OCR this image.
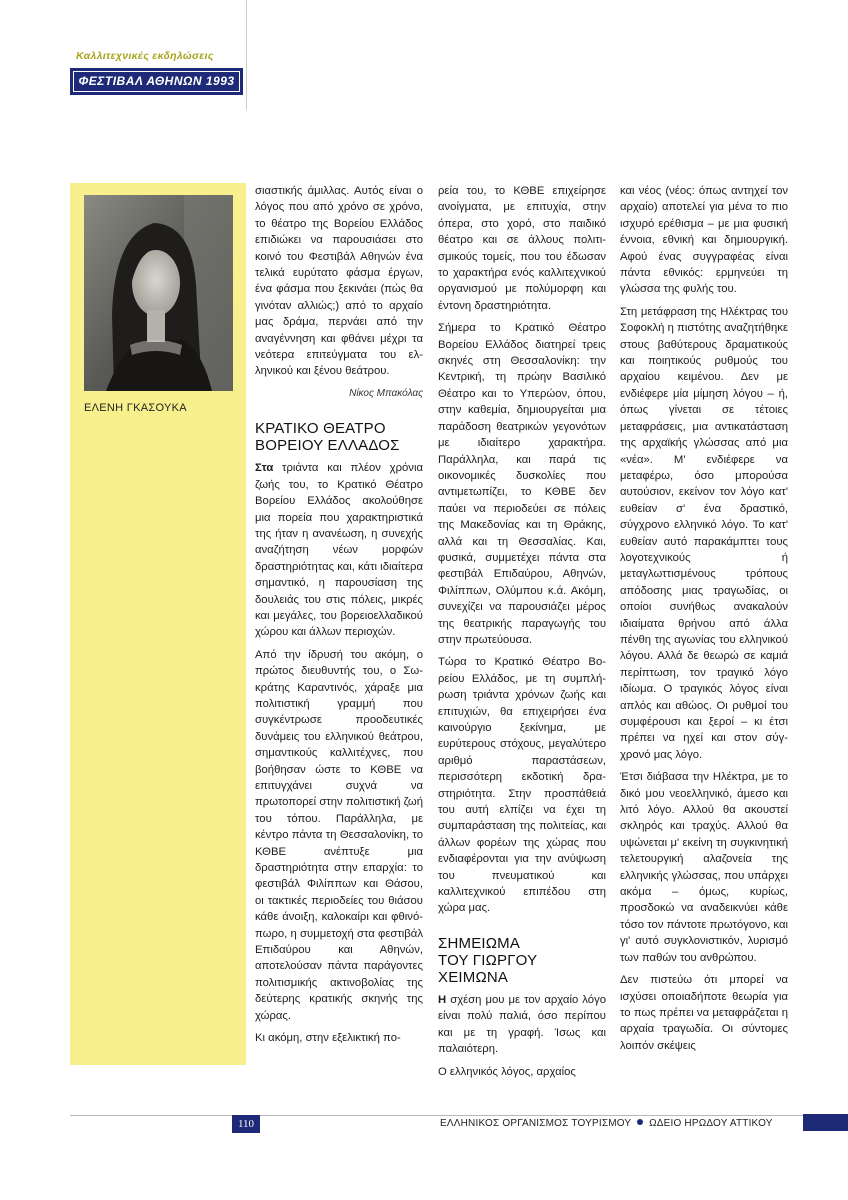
Καλλιτεχνικές εκδηλώσεις
ΦΕΣΤΙΒΑΛ ΑΘΗΝΩΝ 1993
ΕΛΕΝΗ ΓΚΑΣΟΥΚΑ

σιαστικής άμιλλας. Αυτός είναι ο λόγος που από χρόνο σε χρόνο, το θέατρο της Βορείου Ελλάδος επιδιώκει να παρουσιάσει στο κοινό του Φεστιβάλ Αθηνών ένα τελικά ευρύτατο φάσμα έργων, ένα φάσμα που ξεκινάει (πώς θα γινόταν αλλιώς;) από το αρχαίο μας δράμα, περνάει από την αναγέννηση και φθάνει μέχρι τα νεότερα επιτεύγματα του ελληνικού και ξένου θεάτρου.

Νίκος Μπακόλας

ΚΡΑΤΙΚΟ ΘΕΑΤΡΟ
ΒΟΡΕΙΟΥ ΕΛΛΑΔΟΣ

Στα τριάντα και πλέον χρόνια ζωής του, το Κρατικό Θέατρο Βορείου Ελλάδος ακολούθησε μια πορεία που χαρακτηριστικά της ήταν η ανανέωση, η συνεχής αναζήτηση νέων μορφών δραστηριότητας και, κάτι ιδιαίτερα σημαντικό, η παρουσίαση της δουλειάς του στις πόλεις, μικρές και μεγάλες, του βορειοελλαδικού χώρου και άλλων περιοχών.

Από την ίδρυσή του ακόμη, ο πρώτος διευθυντής του, ο Σωκράτης Καραντινός, χάραξε μια πολιτιστική γραμμή που συγκέντρωσε προοδευτικές δυνάμεις του ελληνικού θεάτρου, σημαντικούς καλλιτέχνες, που βοήθησαν ώστε το ΚΘΒΕ να επιτυγχάνει συχνά να πρωτοπορεί στην πολιτιστική ζωή του τόπου. Παράλληλα, με κέντρο πάντα τη Θεσσαλονίκη, το ΚΘΒΕ ανέπτυξε μια δραστηριότητα στην επαρχία: το φεστιβάλ Φιλίππων και Θάσου, οι τακτικές περιοδείες του θιάσου κάθε άνοιξη, καλοκαίρι και φθινόπωρο, η συμμετοχή στα φεστιβάλ Επιδαύρου και Αθηνών, αποτελούσαν πάντα παράγοντες πολιτισμικής ακτινοβολίας της δεύτερης κρατικής σκηνής της χώρας.

Κι ακόμη, στην εξελικτική πο-

ρεία του, το ΚΘΒΕ επιχείρησε ανοίγματα, με επιτυχία, στην όπερα, στο χορό, στο παιδικό θέατρο και σε άλλους πολιτισμικούς τομείς, που του έδωσαν το χαρακτήρα ενός καλλιτεχνικού οργανισμού με πολύμορφη και έντονη δραστηριότητα.

Σήμερα το Κρατικό Θέατρο Βορείου Ελλάδος διατηρεί τρεις σκηνές στη Θεσσαλονίκη: την Κεντρική, τη πρώην Βασιλικό Θέατρο και το Υπερώον, όπου, στην καθεμία, δημιουργείται μια παράδοση θεατρικών γεγονότων με ιδιαίτερο χαρακτήρα. Παράλληλα, και παρά τις οικονομικές δυσκολίες που αντιμετωπίζει, το ΚΘΒΕ δεν παύει να περιοδεύει σε πόλεις της Μακεδονίας και τη Θράκης, αλλά και τη Θεσσαλίας. Και, φυσικά, συμμετέχει πάντα στα φεστιβάλ Επιδαύρου, Αθηνών, Φιλίππων, Ολύμπου κ.ά. Ακόμη, συνεχίζει να παρουσιάζει μέρος της θεατρικής παραγωγής του στην πρωτεύουσα.

Τώρα το Κρατικό Θέατρο Βορείου Ελλάδος, με τη συμπλήρωση τριάντα χρόνων ζωής και επιτυχιών, θα επιχειρήσει ένα καινούργιο ξεκίνημα, με ευρύτερους στόχους, μεγαλύτερο αριθμό παραστάσεων, περισσότερη εκδοτική δραστηριότητα. Στην προσπάθειά του αυτή ελπίζει να έχει τη συμπαράσταση της πολιτείας, και άλλων φορέων της χώρας που ενδιαφέρονται για την ανύψωση του πνευματικού και καλλιτεχνικού επιπέδου στη χώρα μας.

ΣΗΜΕΙΩΜΑ
ΤΟΥ ΓΙΩΡΓΟΥ ΧΕΙΜΩΝΑ

Η σχέση μου με τον αρχαίο λόγο είναι πολύ παλιά, όσο περίπου και με τη γραφή. Ίσως και παλαιότερη.

Ο ελληνικός λόγος, αρχαίος

και νέος (νέος: όπως αντηχεί τον αρχαίο) αποτελεί για μένα το πιο ισχυρό ερέθισμα – με μια φυσική έννοια, εθνική και δημιουργική. Αφού ένας συγγραφέας είναι πάντα εθνικός: ερμηνεύει τη γλώσσα της φυλής του.

Στη μετάφραση της Ηλέκτρας του Σοφοκλή η πιστότης αναζητήθηκε στους βαθύτερους δραματικούς και ποιητικούς ρυθμούς του αρχαίου κειμένου. Δεν με ενδιέφερε μία μίμηση λόγου – ή, όπως γίνεται σε τέτοιες μεταφράσεις, μια αντικατάσταση της αρχαϊκής γλώσσας από μια «νέα». Μ' ενδιέφερε να μεταφέρω, όσο μπορούσα αυτούσιον, εκείνον τον λόγο κατ' ευθείαν σ' ένα δραστικό, σύγχρονο ελληνικό λόγο. Το κατ' ευθείαν αυτό παρακάμπτει τους λογοτεχνικούς ή μεταγλωττισμένους τρόπους απόδοσης μιας τραγωδίας, οι οποίοι συνήθως ανακαλούν ιδιαίματα θρήνου από άλλα πένθη της αγωνίας του ελληνικού λόγου. Αλλά δε θεωρώ σε καμιά περίπτωση, τον τραγικό λόγο ιδίωμα. Ο τραγικός λόγος είναι απλός και αθώος. Οι ρυθμοί του συμφέρουσι και ξεροί – κι έτσι πρέπει να ηχεί και στον σύγχρονό μας λόγο.

Έτσι διάβασα την Ηλέκτρα, με το δικό μου νεοελληνικό, άμεσο και λιτό λόγο. Αλλού θα ακουστεί σκληρός και τραχύς. Αλλού θα υψώνεται μ' εκείνη τη συγκινητική τελετουργική αλαζονεία της ελληνικής γλώσσας, που υπάρχει ακόμα – όμως, κυρίως, προσδοκώ να αναδεικνύει κάθε τόσο τον πάντοτε πρωτόγονο, και γι' αυτό συγκλονιστικόν, λυρισμό των παθών του ανθρώπου.

Δεν πιστεύω ότι μπορεί να ισχύσει οποιαδήποτε θεωρία για το πως πρέπει να μεταφράζεται η αρχαία τραγωδία. Οι σύντομες λοιπόν σκέψεις

110	ΕΛΛΗΝΙΚΟΣ ΟΡΓΑΝΙΣΜΟΣ ΤΟΥΡΙΣΜΟΥ ΩΔΕΙΟ ΗΡΩΔΟΥ ΑΤΤΙΚΟΥ
